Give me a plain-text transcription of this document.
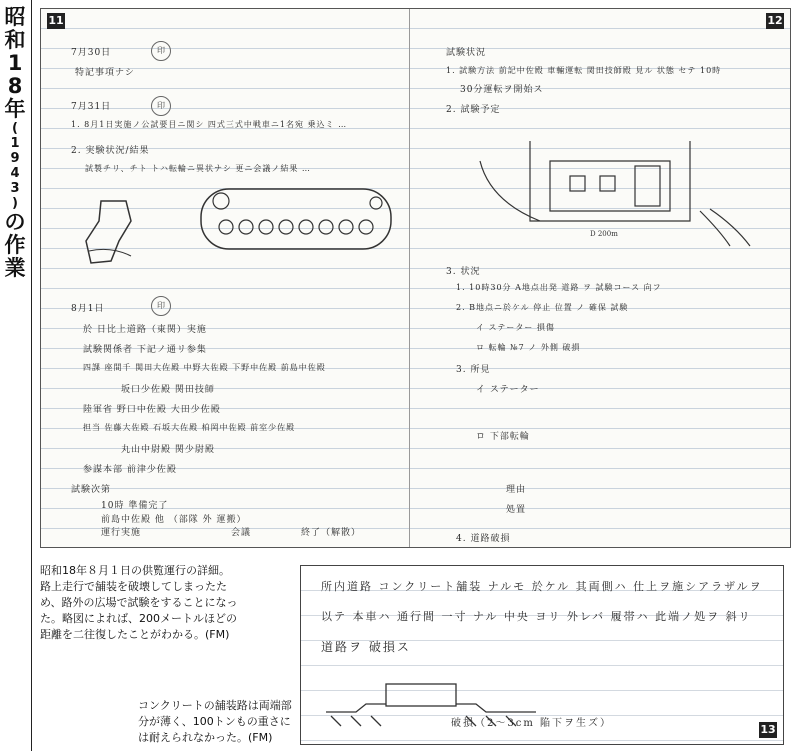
昭
和
1
8
年
(
1
9
4
3
)
の
作
業
11
印
印
印
7月30日
特記事項ナシ
7月31日
1. 8月1日実施ノ公試要目ニ関シ 四式三式中戦車ニ1名宛 乗込ミ …
2. 実験状況/結果
試製チリ、チト トハ転輪ニ異状ナシ 更ニ会議ノ結果 …
8月1日
於 日比上道路（東関）実施
試験関係者 下記ノ通リ参集
四課 座間千 関田大佐殿 中野大佐殿 下野中佐殿 前島中佐殿
坂口少佐殿 関田技師
陸軍省 野口中佐殿 大田少佐殿
担当 佐藤大佐殿 石坂大佐殿 柏岡中佐殿 前室少佐殿
丸山中尉殿 関少尉殿
参謀本部 前津少佐殿
試験次第
10時 準備完了
前島中佐殿 他 （部隊 外 運搬）
運行実施	会議	終了（解散）
12
試験状況
1. 試験方法 前記中佐殿 車輛運転 関田技師殿 見ル 状態 セテ 10時
30分運転ヲ開始ス
2. 試験予定
D 200m
3. 状況
1. 10時30分 A地点出発 道路 ヲ 試験コース 向フ
2. B地点ニ於ケル 停止 位置 ノ 確保 試験
イ ステーター 損傷
ロ 転輪 №7 ノ 外側 破損
3. 所見
イ ステーター
ロ 下部転輪
理由
処置
4. 道路破損
昭和18年８月１日の供覧運行の詳細。路上走行で舗装を破壊してしまったため、路外の広場で試験をすることになった。略図によれば、200メートルほどの距離を二往復したことがわかる。(FM)
所内道路 コンクリート舗装 ナルモ 於ケル 其両側ハ 仕上ヲ施シアラザルヲ
以テ 本車ハ 通行間 一寸 ナル 中央 ヨリ 外レバ 履帯ハ 此端ノ処ヲ 斜リ
道路ヲ 破損ス
破損（2〜3cm 陥下ヲ生ズ）	13
コンクリートの舗装路は両端部分が薄く、100トンもの重さには耐えられなかった。(FM)
